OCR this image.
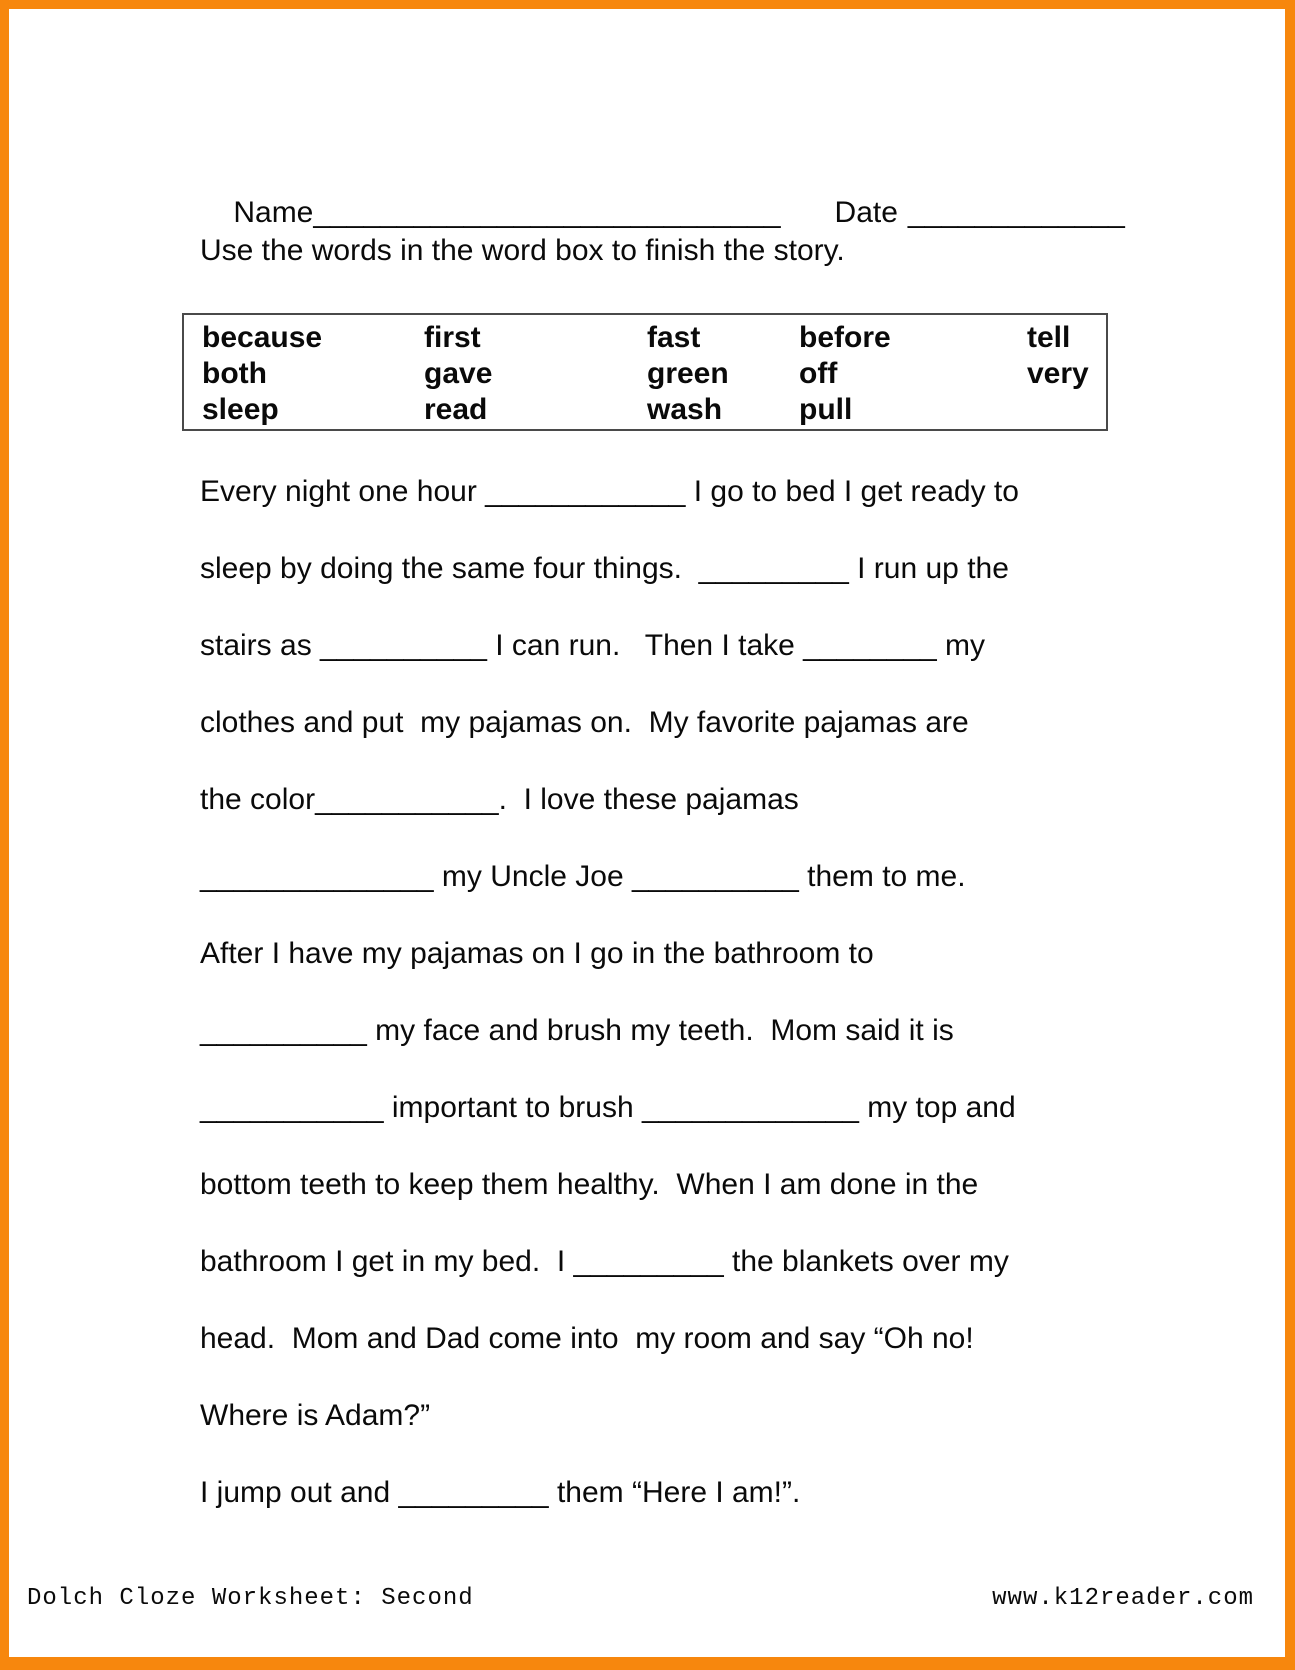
Name____________________________ Date _____________

Use the words in the word box to finish the story.
because	first	fast	before	tell
both	gave	green	off	very
sleep	read	wash	pull
Every night one hour ____________ I go to bed I get ready to
sleep by doing the same four things.  _________ I run up the
stairs as __________ I can run.   Then I take ________ my
clothes and put  my pajamas on.  My favorite pajamas are
the color___________.  I love these pajamas
______________ my Uncle Joe __________ them to me.
After I have my pajamas on I go in the bathroom to
__________ my face and brush my teeth.  Mom said it is
___________ important to brush _____________ my top and
bottom teeth to keep them healthy.  When I am done in the
bathroom I get in my bed.  I _________ the blankets over my
head.  Mom and Dad come into  my room and say “Oh no!
Where is Adam?”
I jump out and _________ them “Here I am!”.
Dolch Cloze Worksheet: Second	www.k12reader.com
